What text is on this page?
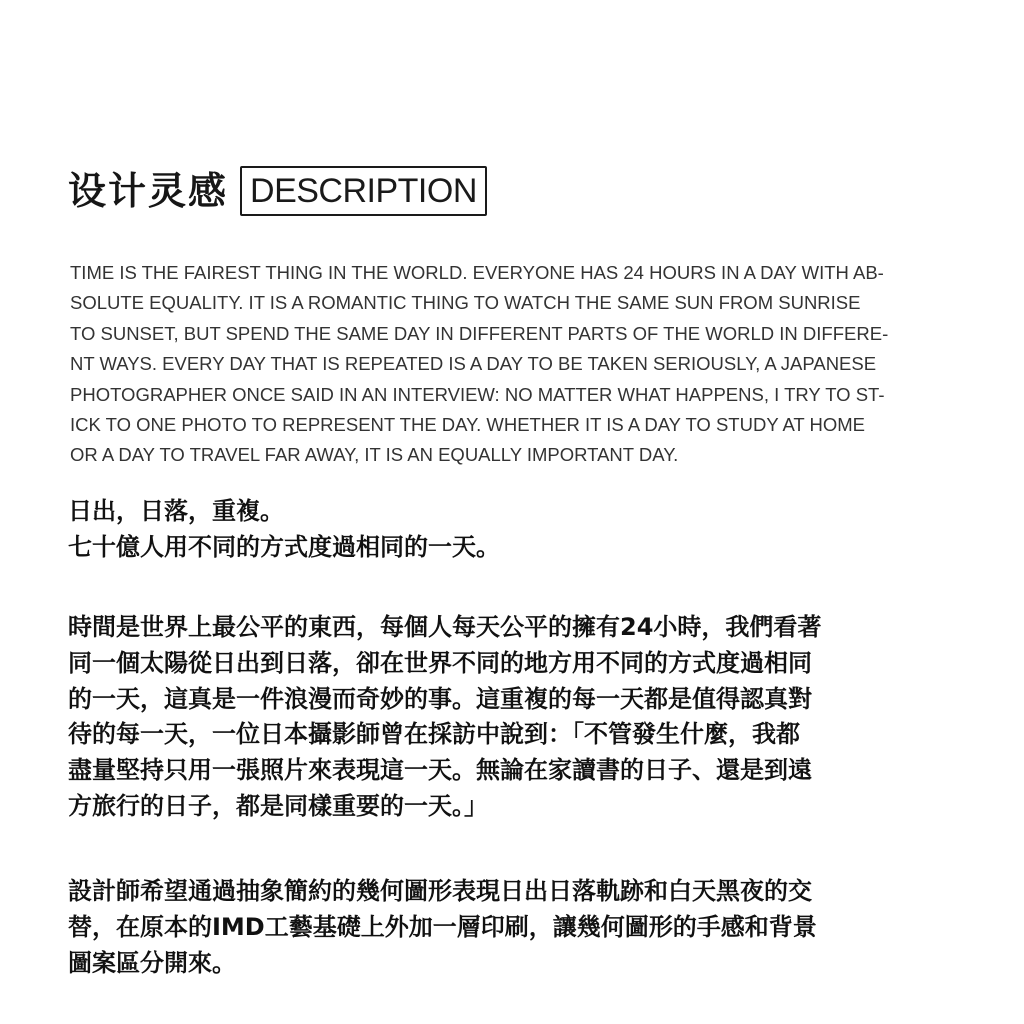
设计灵感 DESCRIPTION

TIME IS THE FAIREST THING IN THE WORLD. EVERYONE HAS 24 HOURS IN A DAY WITH AB-
SOLUTE EQUALITY. IT IS A ROMANTIC THING TO WATCH THE SAME SUN FROM SUNRISE
TO SUNSET, BUT SPEND THE SAME DAY IN DIFFERENT PARTS OF THE WORLD IN DIFFERE-
NT WAYS. EVERY DAY THAT IS REPEATED IS A DAY TO BE TAKEN SERIOUSLY, A JAPANESE
PHOTOGRAPHER ONCE SAID IN AN INTERVIEW: NO MATTER WHAT HAPPENS, I TRY TO ST-
ICK TO ONE PHOTO TO REPRESENT THE DAY. WHETHER IT IS A DAY TO STUDY AT HOME
OR A DAY TO TRAVEL FAR AWAY, IT IS AN EQUALLY IMPORTANT DAY.

日出，日落，重複。
七十億人用不同的方式度過相同的一天。

時間是世界上最公平的東西，每個人每天公平的擁有24小時，我們看著
同一個太陽從日出到日落，卻在世界不同的地方用不同的方式度過相同
的一天，這真是一件浪漫而奇妙的事。這重複的每一天都是值得認真對
待的每一天，一位日本攝影師曾在採訪中說到：「不管發生什麼，我都
盡量堅持只用一張照片來表現這一天。無論在家讀書的日子、還是到遠
方旅行的日子，都是同樣重要的一天。」

設計師希望通過抽象簡約的幾何圖形表現日出日落軌跡和白天黑夜的交
替，在原本的IMD工藝基礎上外加一層印刷，讓幾何圖形的手感和背景
圖案區分開來。
